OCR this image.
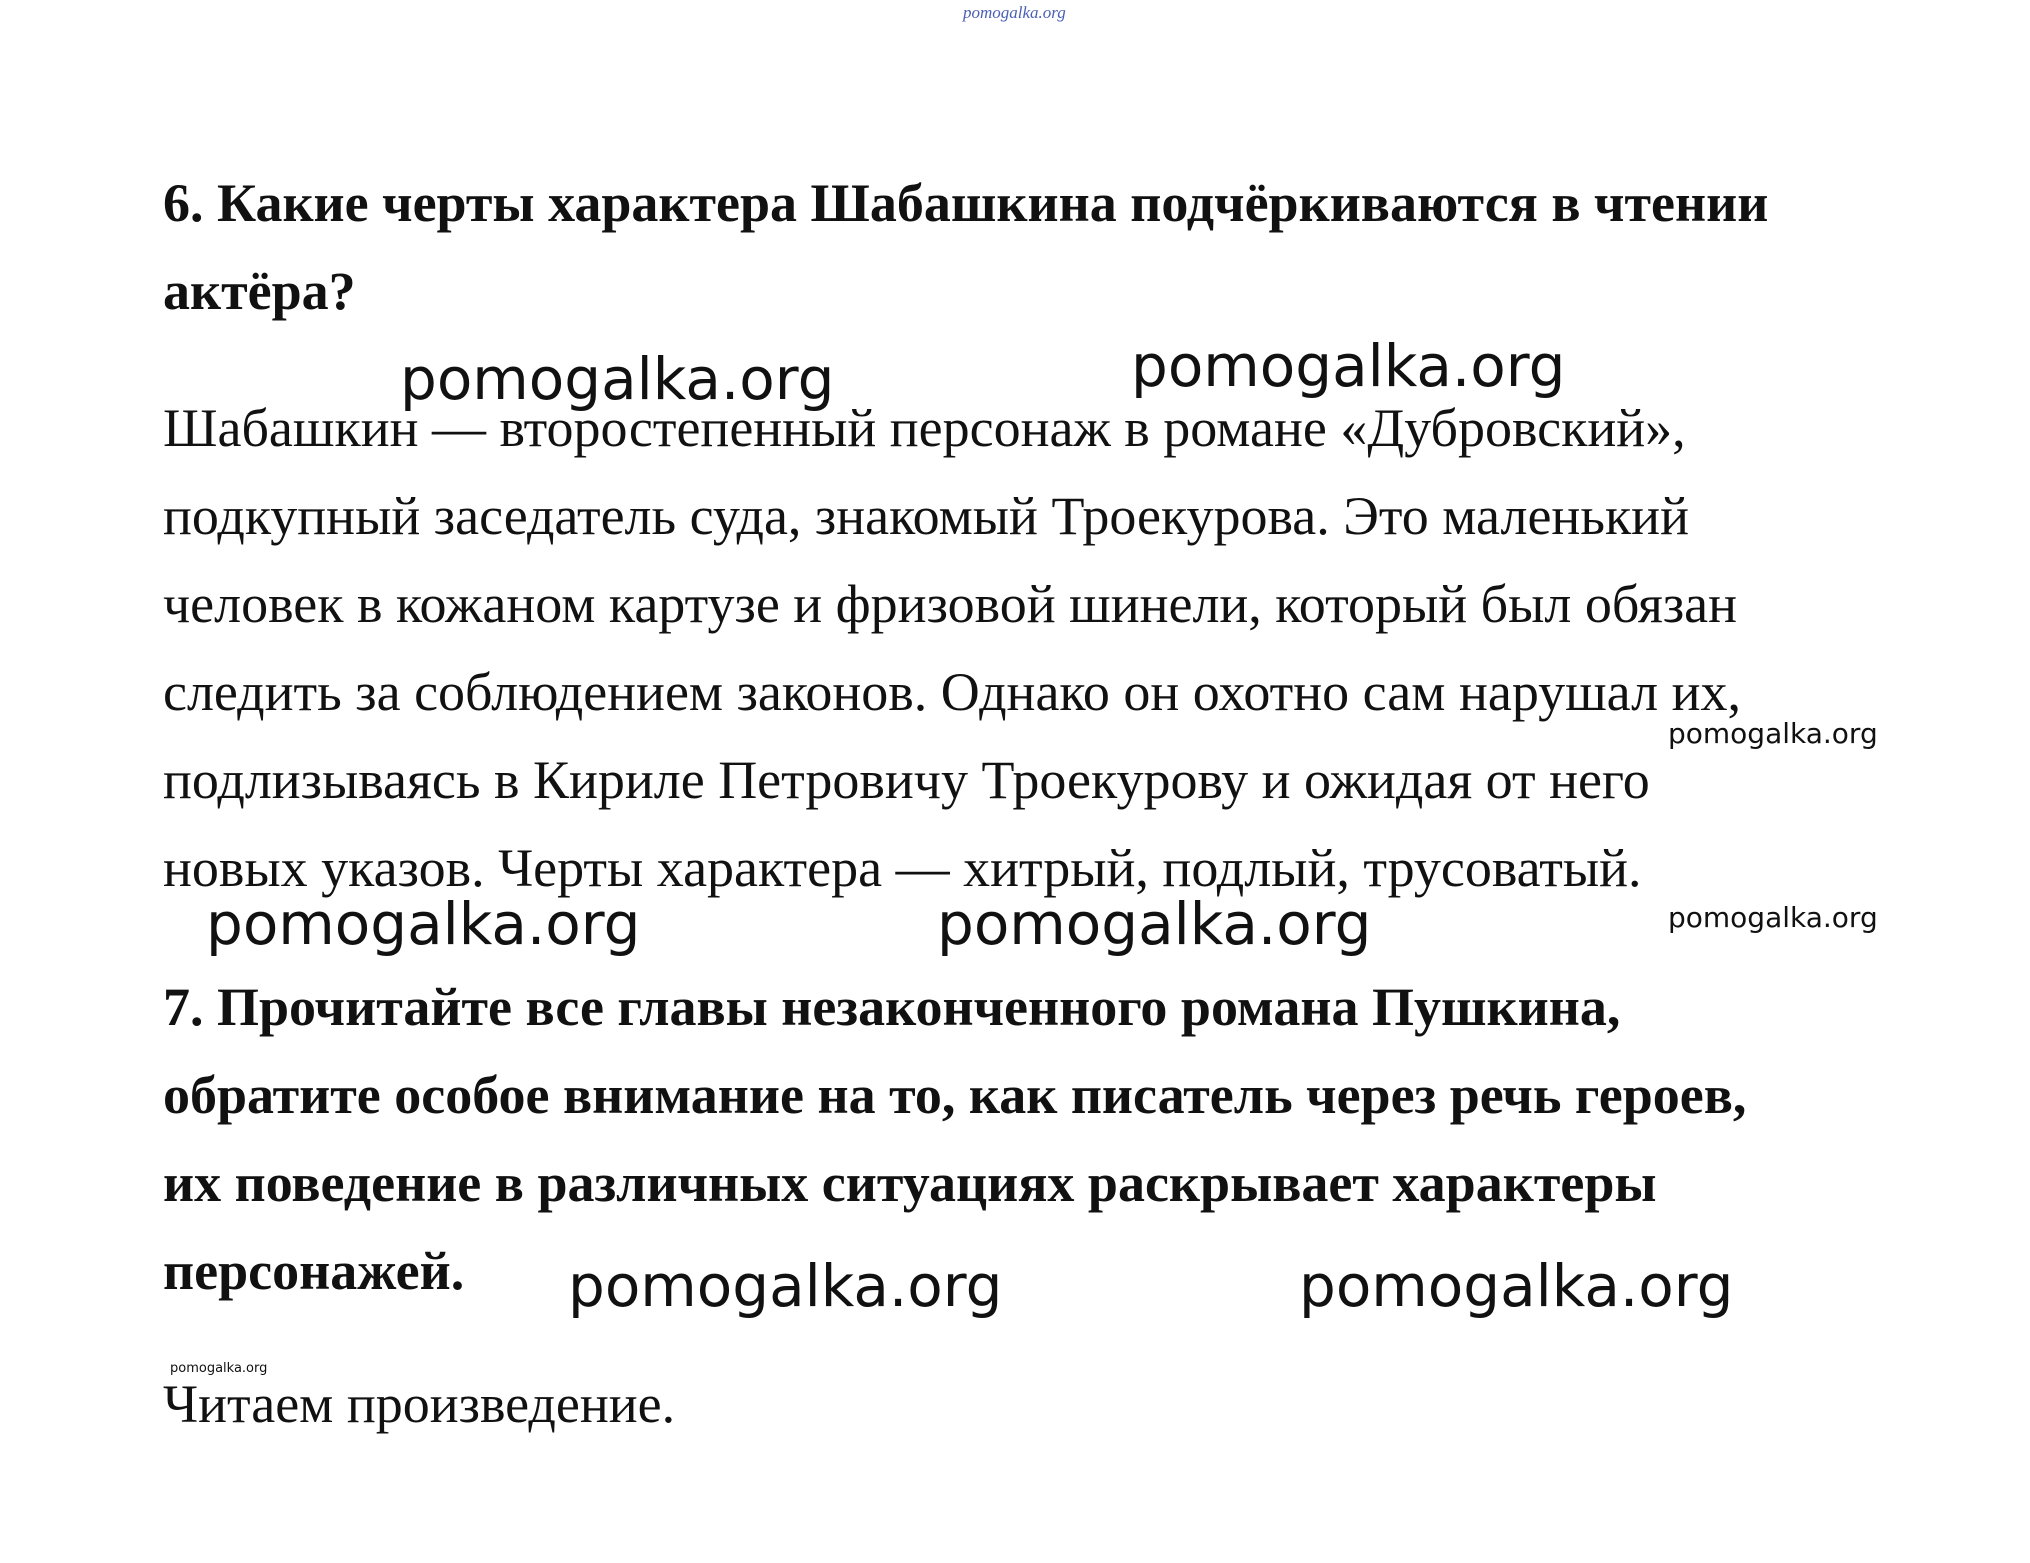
pomogalka.org
6. Какие черты характера Шабашкина подчёркиваются в чтении
актёра?
pomogalka.org	pomogalka.org
Шабашкин — второстепенный персонаж в романе «Дубровский»,
подкупный заседатель суда, знакомый Троекурова. Это маленький
человек в кожаном картузе и фризовой шинели, который был обязан
следить за соблюдением законов. Однако он охотно сам нарушал их,
подлизываясь в Кириле Петровичу Троекурову и ожидая от него
новых указов. Черты характера — хитрый, подлый, трусоватый.
pomogalka.org
pomogalka.org	pomogalka.org	pomogalka.org
7. Прочитайте все главы незаконченного романа Пушкина,
обратите особое внимание на то, как писатель через речь героев,
их поведение в различных ситуациях раскрывает характеры
персонажей.	pomogalka.org	pomogalka.org
pomogalka.org
Читаем произведение.
